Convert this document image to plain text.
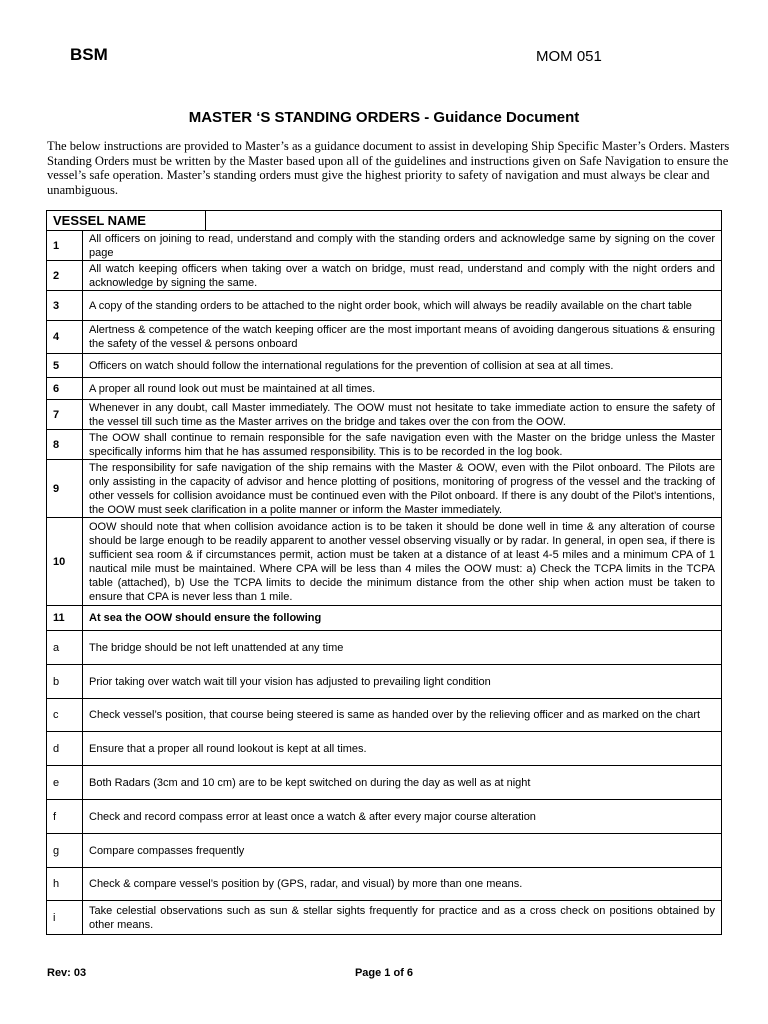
BSM	MOM 051
MASTER ‘S STANDING ORDERS - Guidance Document
The below instructions are provided to Master’s as a guidance document to assist in developing Ship Specific Master’s Orders. Masters Standing Orders must be written by the Master based upon all of the guidelines and instructions given on Safe Navigation to ensure the vessel’s safe operation. Master’s standing orders must give the highest priority to safety of navigation and must always be clear and unambiguous.
VESSEL NAME		
1	All officers on joining to read, understand and comply with the standing orders and acknowledge same by signing on the cover page	
2	All watch keeping officers when taking over a watch on bridge, must read, understand and comply with the night orders and acknowledge by signing the same.	
3	A copy of the standing orders to be attached to the night order book, which will always be readily available on the chart table	
4	Alertness & competence of the watch keeping officer are the most important means of avoiding dangerous situations & ensuring the safety of the vessel & persons onboard	
5	Officers on watch should follow the international regulations for the prevention of collision at sea at all times.	
6	A proper all round look out must be maintained at all times.	
7	Whenever in any doubt, call Master immediately. The OOW must not hesitate to take immediate action to ensure the safety of the vessel till such time as the Master arrives on the bridge and takes over the con from the OOW.	
8	The OOW shall continue to remain responsible for the safe navigation even with the Master on the bridge unless the Master specifically informs him that he has assumed responsibility. This is to be recorded in the log book.	
9	The responsibility for safe navigation of the ship remains with the Master & OOW, even with the Pilot onboard. The Pilots are only assisting in the capacity of advisor and hence plotting of positions, monitoring of progress of the vessel and the tracking of other vessels for collision avoidance must be continued even with the Pilot onboard. If there is any doubt of the Pilot’s intentions, the OOW must seek clarification in a polite manner or inform the Master immediately.	
10	OOW should note that when collision avoidance action is to be taken it should be done well in time & any alteration of course should be large enough to be readily apparent to another vessel observing visually or by radar. In general, in open sea, if there is sufficient sea room & if circumstances permit, action must be taken at a distance of at least 4-5 miles and a minimum CPA of 1 nautical mile must be maintained. Where CPA will be less than 4 miles the OOW must: a) Check the TCPA limits in the TCPA table (attached), b) Use the TCPA limits to decide the minimum distance from the other ship when action must be taken to ensure that CPA is never less than 1 mile.	
11	At sea the OOW should ensure the following	
a	The bridge should be not left unattended at any time	
b	Prior taking over watch wait till your vision has adjusted to prevailing light condition	
c	Check vessel’s position, that course being steered is same as handed over by the relieving officer and as marked on the chart	
d	Ensure that a proper all round lookout is kept at all times.	
e	Both Radars (3cm and 10 cm) are to be kept switched on during the day as well as at night	
f	Check and record compass error at least once a watch & after every major course alteration	
g	Compare compasses frequently	
h	Check & compare vessel’s position by (GPS, radar, and visual) by more than one means.	
i	Take celestial observations such as sun & stellar sights frequently for practice and as a cross check on positions obtained by other means.	
Rev: 03	Page 1 of 6
